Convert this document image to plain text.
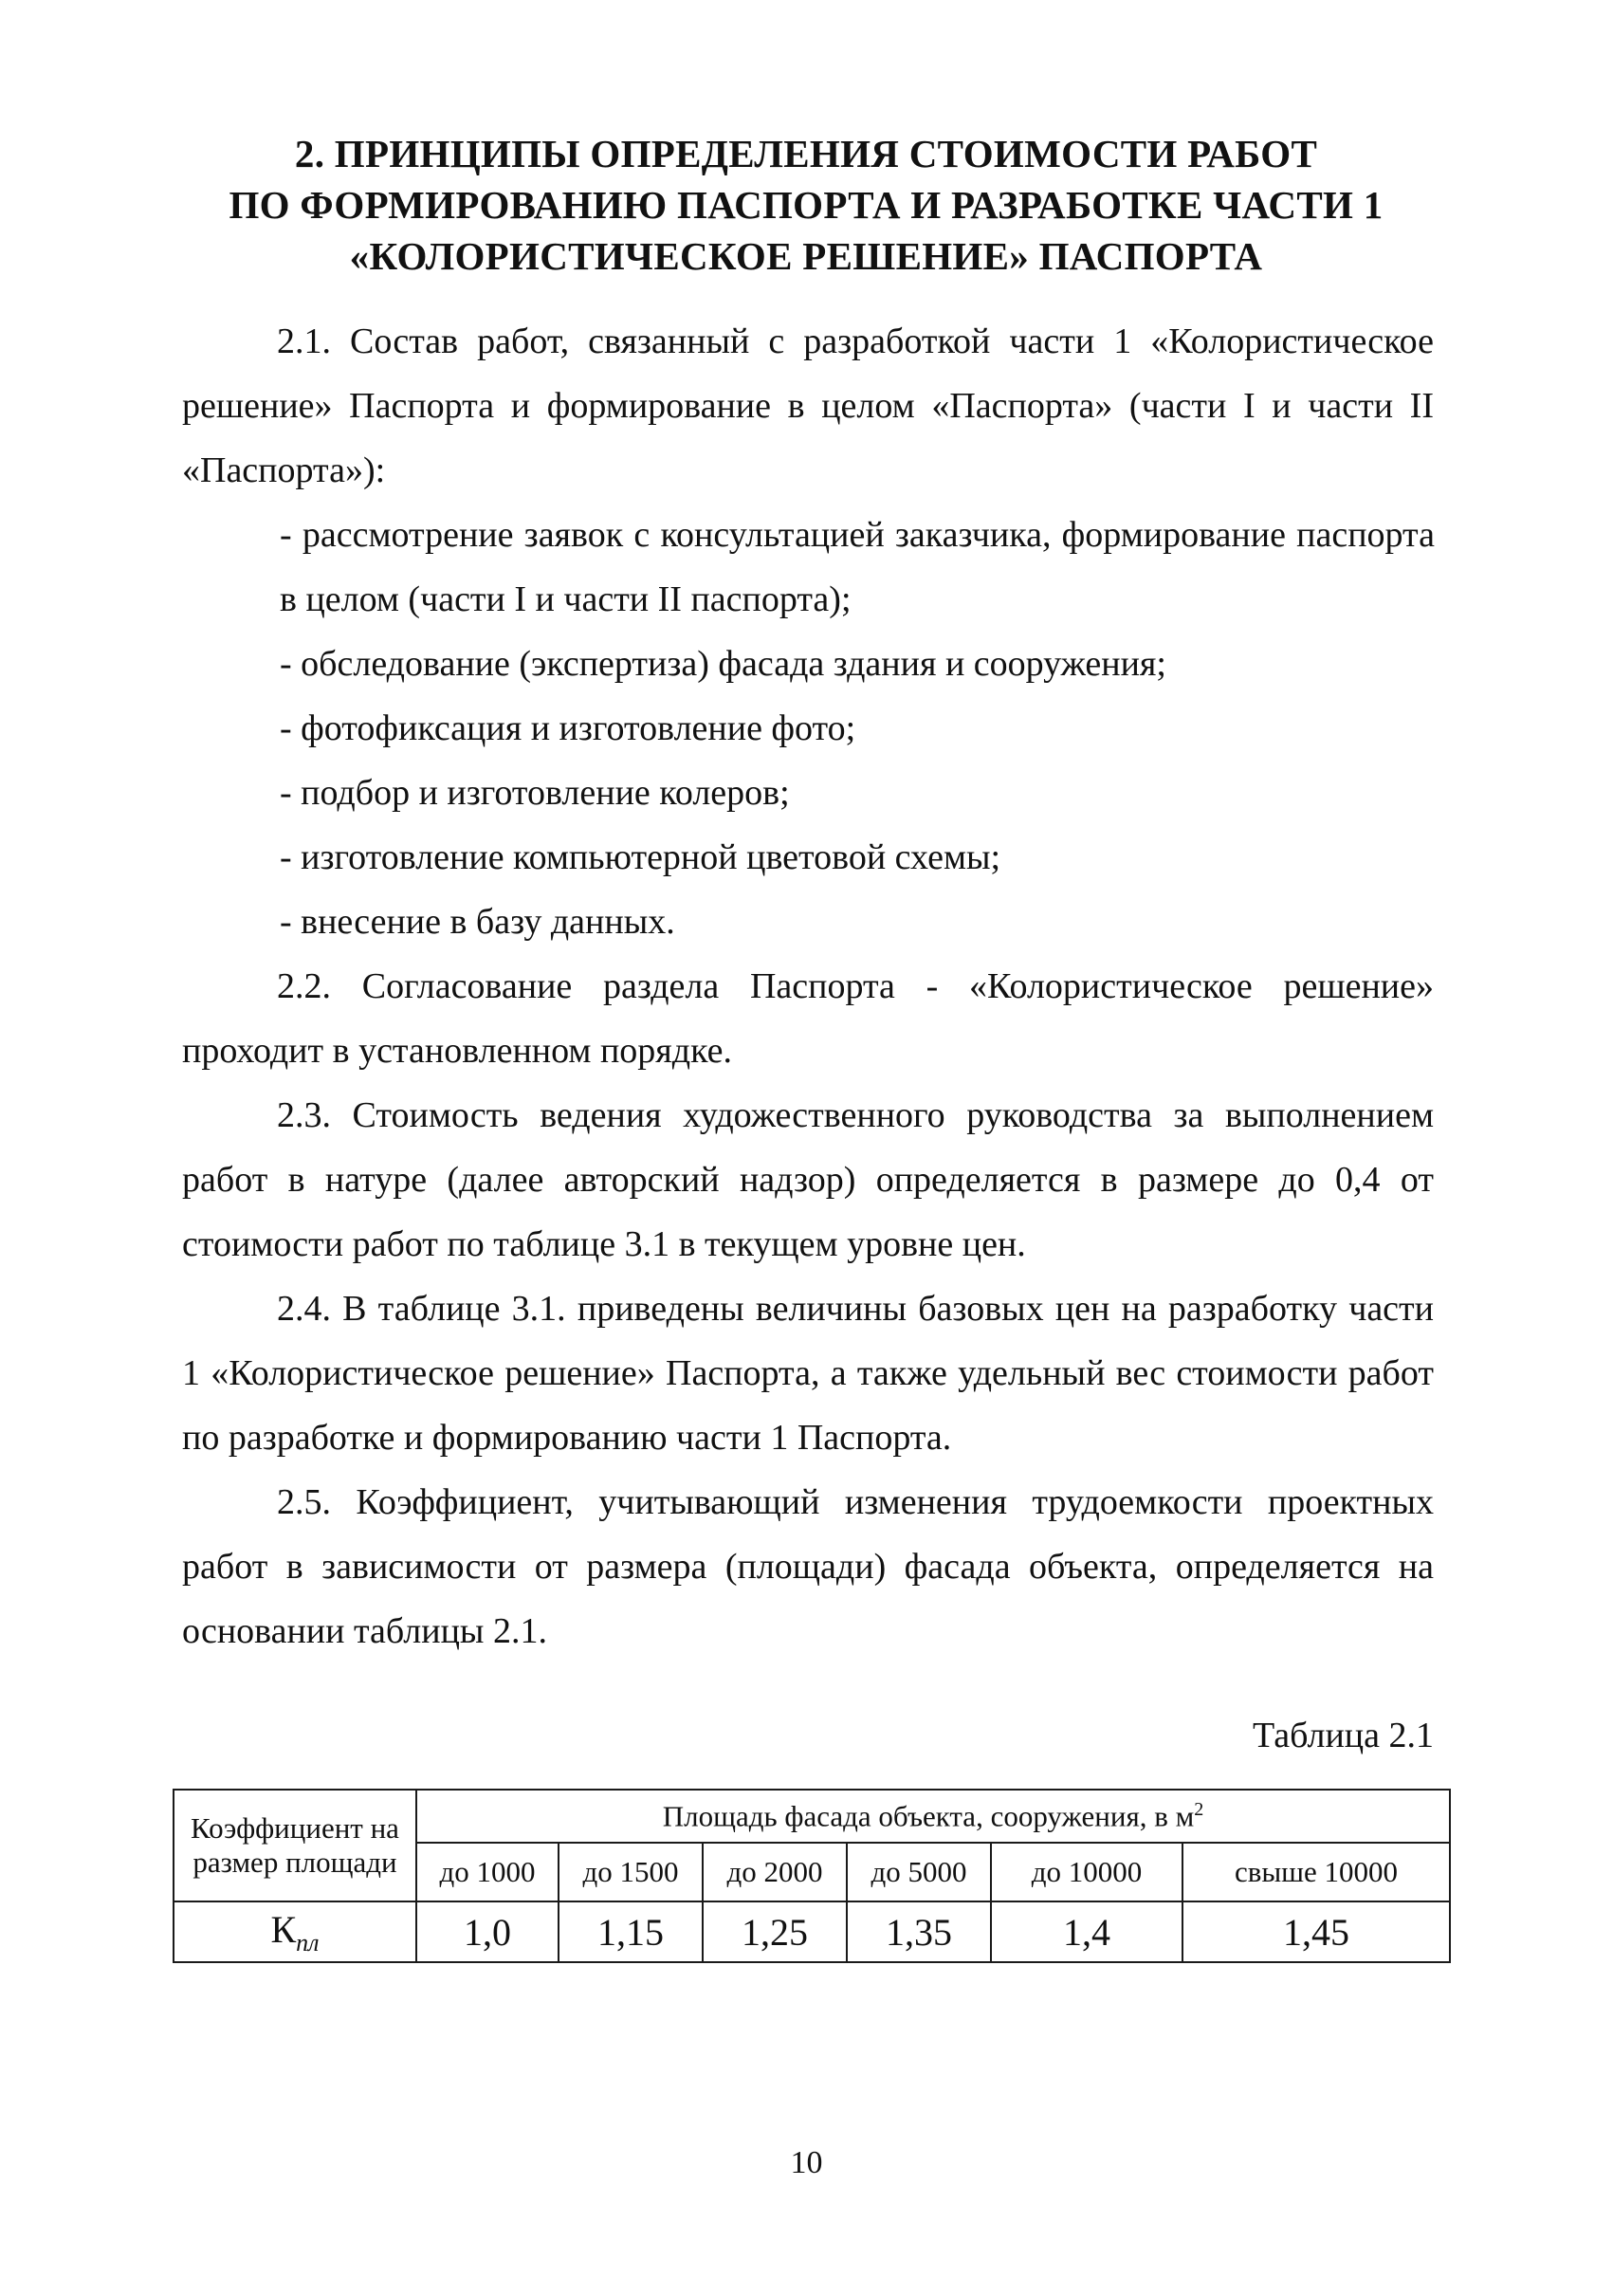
2. ПРИНЦИПЫ ОПРЕДЕЛЕНИЯ СТОИМОСТИ РАБОТ
ПО ФОРМИРОВАНИЮ ПАСПОРТА И РАЗРАБОТКЕ ЧАСТИ 1
«КОЛОРИСТИЧЕСКОЕ РЕШЕНИЕ» ПАСПОРТА
2.1. Состав работ, связанный с разработкой части 1 «Колористическое решение» Паспорта и формирование в целом «Паспорта» (части I и части II «Паспорта»):
- рассмотрение заявок с консультацией заказчика, формирование паспорта в целом (части I и части II паспорта);
- обследование (экспертиза) фасада здания и сооружения;
- фотофиксация и изготовление фото;
- подбор и изготовление колеров;
- изготовление компьютерной цветовой схемы;
- внесение в базу данных.
2.2. Согласование раздела Паспорта - «Колористическое решение» проходит в установленном порядке.
2.3. Стоимость ведения художественного руководства за выполнением работ в натуре (далее авторский надзор) определяется в размере до 0,4 от стоимости работ по таблице 3.1 в текущем уровне цен.
2.4. В таблице 3.1. приведены величины базовых цен на разработку части 1 «Колористическое решение» Паспорта, а также удельный вес стоимости работ по разработке и формированию части 1 Паспорта.
2.5. Коэффициент, учитывающий изменения трудоемкости проектных работ в зависимости от размера (площади) фасада объекта, определяется на основании таблицы 2.1.
Таблица 2.1
Коэффициент на размер площади	Площадь фасада объекта, сооружения, в $м^2$
	до 1000	до 1500	до 2000	до 5000	до 10000	свыше 10000
$К_{пл}$	1,0	1,15	1,25	1,35	1,4	1,45
10
